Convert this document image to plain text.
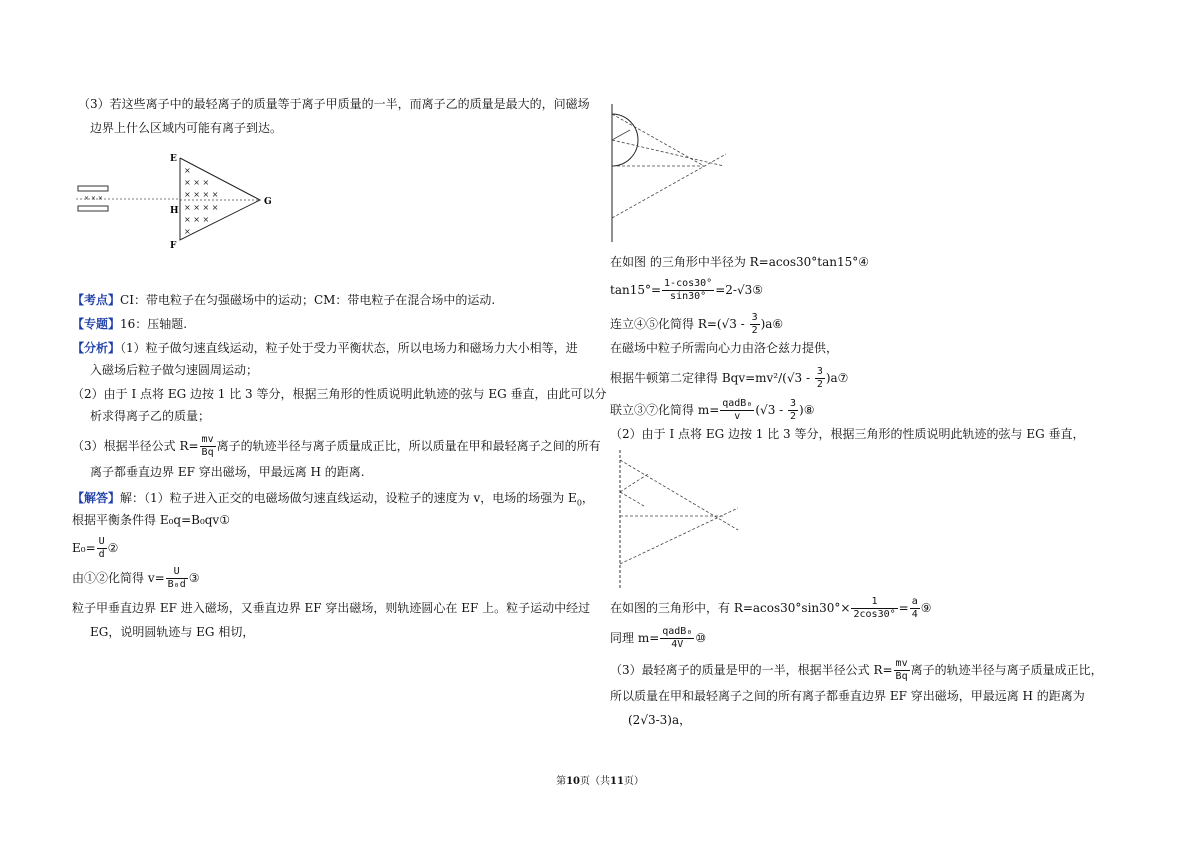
（3）若这些离子中的最轻离子的质量等于离子甲质量的一半，而离子乙的质量是最大的，问磁场
边界上什么区域内可能有离子到达。
× × ×
×
× × ×
× × × ×
× × × ×
× × ×
×
E
H
F
G
【考点】CI：带电粒子在匀强磁场中的运动；CM：带电粒子在混合场中的运动.
【专题】16：压轴题.
【分析】（1）粒子做匀速直线运动，粒子处于受力平衡状态，所以电场力和磁场力大小相等，进
入磁场后粒子做匀速圆周运动；
（2）由于 I 点将 EG 边按 1 比 3 等分，根据三角形的性质说明此轨迹的弦与 EG 垂直，由此可以分
析求得离子乙的质量；
（3）根据半径公式 $R= \frac{mv}{Bq}$ 离子的轨迹半径与离子质量成正比，所以质量在甲和最轻离子之间的所有
离子都垂直边界 EF 穿出磁场，甲最远离 H 的距离.
【解答】解：（1）粒子进入正交的电磁场做匀速直线运动，设粒子的速度为 v，电场的场强为 $E_0$，
根据平衡条件得 E₀q=B₀qv①
$E_0= \frac{U}{d}$ ②
由①②化简得 $v= \frac{U}{\text{B₀d}}$ ③
粒子甲垂直边界 EF 进入磁场，又垂直边界 EF 穿出磁场，则轨迹圆心在 EF 上。粒子运动中经过
EG，说明圆轨迹与 EG 相切，
在如图 的三角形中半径为 R=acos30°tan15°④
$\tan 15^\circ= \frac{1-\cos 30^\circ}{\sin 30^\circ}$ =2-√3⑤
连立④⑤化简得 $R=(√3 - \frac{3}{2}$ )a⑥
在磁场中粒子所需向心力由洛仑兹力提供，
根据牛顿第二定律得 $Bqv=mv^2/(√3 - \frac{3}{2}$ )a⑦
联立③⑦化简得 $m= \frac{\text{qadB₀}}{v} (√3 - \frac{3}{2}$ )⑧
（2）由于 I 点将 EG 边按 1 比 3 等分，根据三角形的性质说明此轨迹的弦与 EG 垂直，
在如图的三角形中，有 $R=acos30^\circ\sin 30^\circ\times \frac{1}{2\cos 30^\circ} = \frac{a}{4}$ ⑨
同理 $m= \frac{\text{qadB₀}}{4V}$ ⑩
（3）最轻离子的质量是甲的一半，根据半径公式 $R= \frac{mv}{Bq}$ 离子的轨迹半径与离子质量成正比，
所以质量在甲和最轻离子之间的所有离子都垂直边界 EF 穿出磁场，甲最远离 H 的距离为
(2√3-3)a，
第10页（共11页）
